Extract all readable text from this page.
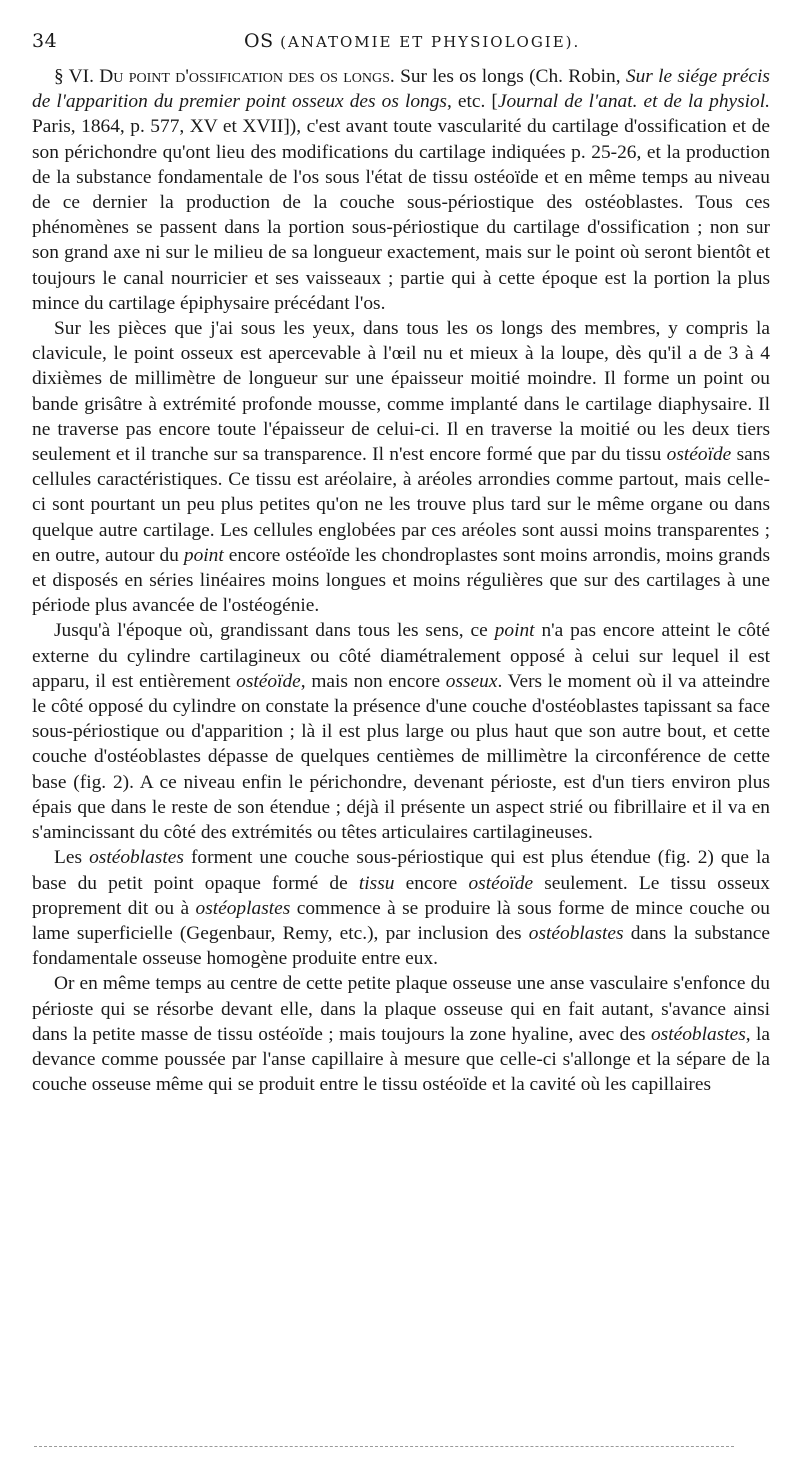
34	OS (ANATOMIE ET PHYSIOLOGIE).

§ VI. Du point d'ossification des os longs. Sur les os longs (Ch. Robin, Sur le siége précis de l'apparition du premier point osseux des os longs, etc. [Journal de l'anat. et de la physiol. Paris, 1864, p. 577, XV et XVII]), c'est avant toute vascularité du cartilage d'ossification et de son périchondre qu'ont lieu des modifications du cartilage indiquées p. 25-26, et la production de la substance fondamentale de l'os sous l'état de tissu ostéoïde et en même temps au niveau de ce dernier la production de la couche sous-périostique des ostéoblastes. Tous ces phénomènes se passent dans la portion sous-périostique du cartilage d'ossification ; non sur son grand axe ni sur le milieu de sa longueur exactement, mais sur le point où seront bientôt et toujours le canal nourricier et ses vaisseaux ; partie qui à cette époque est la portion la plus mince du cartilage épiphysaire précédant l'os.

Sur les pièces que j'ai sous les yeux, dans tous les os longs des membres, y compris la clavicule, le point osseux est apercevable à l'œil nu et mieux à la loupe, dès qu'il a de 3 à 4 dixièmes de millimètre de longueur sur une épaisseur moitié moindre. Il forme un point ou bande grisâtre à extrémité profonde mousse, comme implanté dans le cartilage diaphysaire. Il ne traverse pas encore toute l'épaisseur de celui-ci. Il en traverse la moitié ou les deux tiers seulement et il tranche sur sa transparence. Il n'est encore formé que par du tissu ostéoïde sans cellules caractéristiques. Ce tissu est aréolaire, à aréoles arrondies comme partout, mais celle-ci sont pourtant un peu plus petites qu'on ne les trouve plus tard sur le même organe ou dans quelque autre cartilage. Les cellules englobées par ces aréoles sont aussi moins transparentes ; en outre, autour du point encore ostéoïde les chondroplastes sont moins arrondis, moins grands et disposés en séries linéaires moins longues et moins régulières que sur des cartilages à une période plus avancée de l'ostéogénie.

Jusqu'à l'époque où, grandissant dans tous les sens, ce point n'a pas encore atteint le côté externe du cylindre cartilagineux ou côté diamétralement opposé à celui sur lequel il est apparu, il est entièrement ostéoïde, mais non encore osseux. Vers le moment où il va atteindre le côté opposé du cylindre on constate la présence d'une couche d'ostéoblastes tapissant sa face sous-périostique ou d'apparition ; là il est plus large ou plus haut que son autre bout, et cette couche d'ostéoblastes dépasse de quelques centièmes de millimètre la circonférence de cette base (fig. 2). A ce niveau enfin le périchondre, devenant périoste, est d'un tiers environ plus épais que dans le reste de son étendue ; déjà il présente un aspect strié ou fibrillaire et il va en s'amincissant du côté des extrémités ou têtes articulaires cartilagineuses.

Les ostéoblastes forment une couche sous-périostique qui est plus étendue (fig. 2) que la base du petit point opaque formé de tissu encore ostéoïde seulement. Le tissu osseux proprement dit ou à ostéoplastes commence à se produire là sous forme de mince couche ou lame superficielle (Gegenbaur, Remy, etc.), par inclusion des ostéoblastes dans la substance fondamentale osseuse homogène produite entre eux.

Or en même temps au centre de cette petite plaque osseuse une anse vasculaire s'enfonce du périoste qui se résorbe devant elle, dans la plaque osseuse qui en fait autant, s'avance ainsi dans la petite masse de tissu ostéoïde ; mais toujours la zone hyaline, avec des ostéoblastes, la devance comme poussée par l'anse capillaire à mesure que celle-ci s'allonge et la sépare de la couche osseuse même qui se produit entre le tissu ostéoïde et la cavité où les capillaires
